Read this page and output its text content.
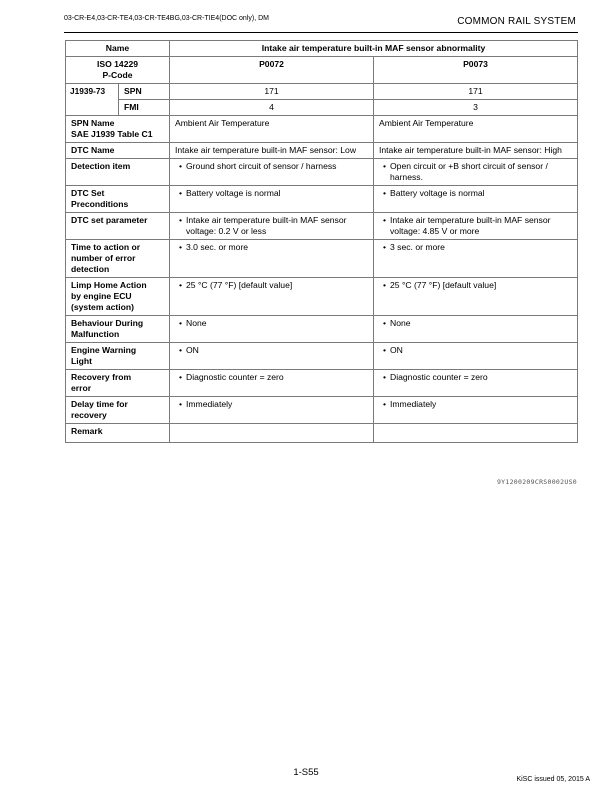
03-CR-E4,03-CR-TE4,03-CR-TE4BG,03-CR-TIE4(DOC only), DM	COMMON RAIL SYSTEM
Name		Intake air temperature built-in MAF sensor abnormality	
ISO 14229
P-Code		P0072	P0073
J1939-73	SPN	171	171
	FMI	4	3
SPN Name
SAE J1939 Table C1		Ambient Air Temperature	Ambient Air Temperature
DTC Name		Intake air temperature built-in MAF sensor: Low	Intake air temperature built-in MAF sensor: High
Detection item		• Ground short circuit of sensor / harness	• Open circuit or +B short circuit of sensor / harness.

DTC Set
Preconditions		• Battery voltage is normal	• Battery voltage is normal

DTC set parameter		• Intake air temperature built-in MAF sensor voltage: 0.2 V or less	• Intake air temperature built-in MAF sensor voltage: 4.85 V or more

Time to action or
number of error
detection		• 3.0 sec. or more	• 3 sec. or more

Limp Home Action
by engine ECU
(system action)		• 25 °C (77 °F) [default value]	• 25 °C (77 °F) [default value]

Behaviour During
Malfunction		• None	• None

Engine Warning
Light		• ON	• ON

Recovery from
error		• Diagnostic counter = zero	• Diagnostic counter = zero

Delay time for
recovery		• Immediately	• Immediately

Remark			
9Y1200209CRS0002US0
1-S55
KiSC issued 05, 2015 A
